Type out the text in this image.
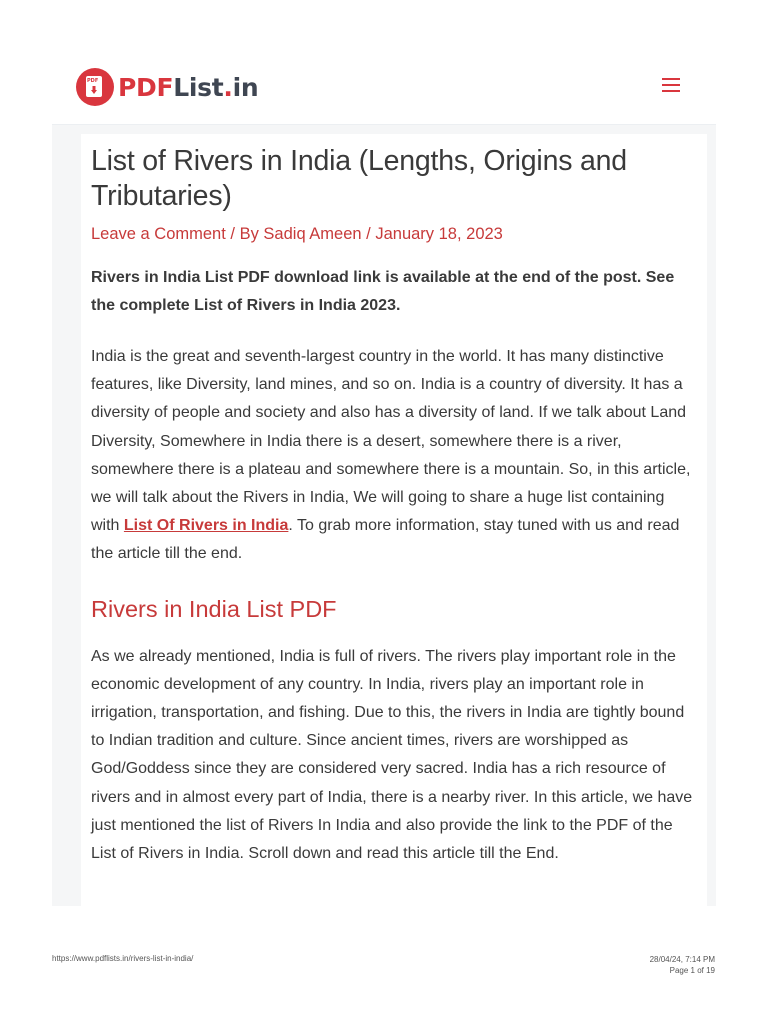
PDF PDFList.in
List of Rivers in India (Lengths, Origins and Tributaries)
Leave a Comment / By Sadiq Ameen / January 18, 2023

Rivers in India List PDF download link is available at the end of the post. See the complete List of Rivers in India 2023.

India is the great and seventh-largest country in the world. It has many distinctive features, like Diversity, land mines, and so on. India is a country of diversity. It has a diversity of people and society and also has a diversity of land. If we talk about Land Diversity, Somewhere in India there is a desert, somewhere there is a river, somewhere there is a plateau and somewhere there is a mountain. So, in this article, we will talk about the Rivers in India, We will going to share a huge list containing with List Of Rivers in India. To grab more information, stay tuned with us and read the article till the end.

Rivers in India List PDF

As we already mentioned, India is full of rivers. The rivers play important role in the economic development of any country. In India, rivers play an important role in irrigation, transportation, and fishing. Due to this, the rivers in India are tightly bound to Indian tradition and culture. Since ancient times, rivers are worshipped as God/Goddess since they are considered very sacred. India has a rich resource of rivers and in almost every part of India, there is a nearby river. In this article, we have just mentioned the list of Rivers In India and also provide the link to the PDF of the List of Rivers in India. Scroll down and read this article till the End.

https://www.pdflists.in/rivers-list-in-india/	28/04/24, 7:14 PM
Page 1 of 19
